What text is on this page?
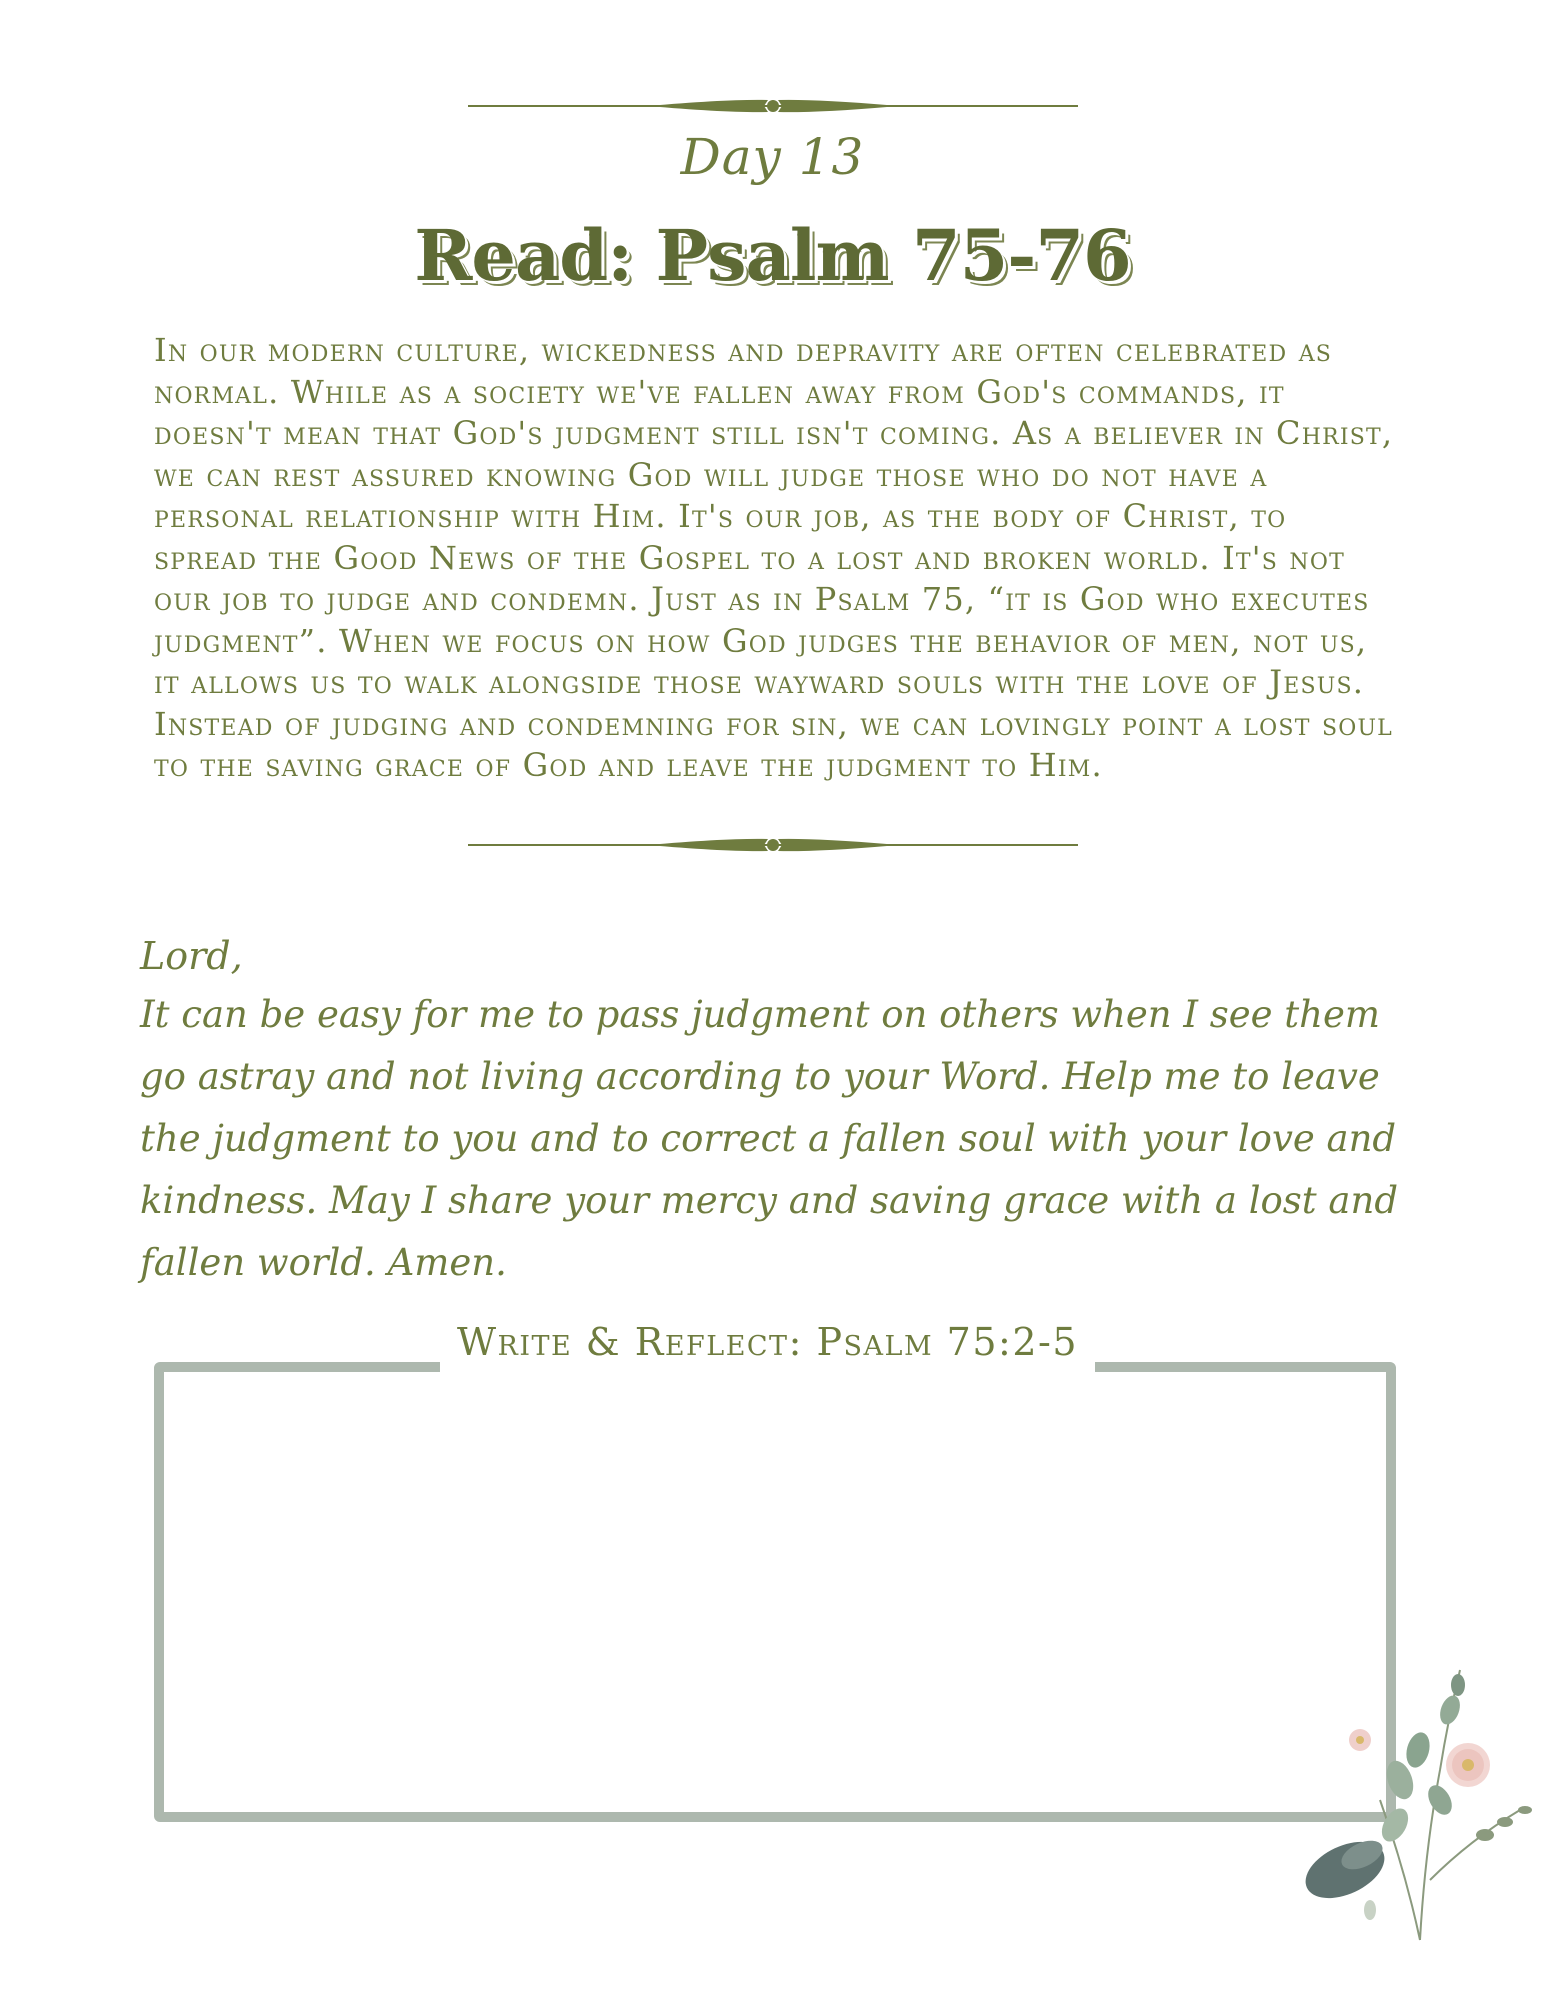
Day 13
Read: Psalm 75-76

In our modern culture, wickedness and depravity are often celebrated as normal. While as a society we've fallen away from God's commands, it doesn't mean that God's judgment still isn't coming. As a believer in Christ, we can rest assured knowing God will judge those who do not have a personal relationship with Him. It's our job, as the body of Christ, to spread the Good News of the Gospel to a lost and broken world. It's not our job to judge and condemn. Just as in Psalm 75, “it is God who executes judgment”. When we focus on how God judges the behavior of men, not us, it allows us to walk alongside those wayward souls with the love of Jesus. Instead of judging and condemning for sin, we can lovingly point a lost soul to the saving grace of God and leave the judgment to Him.

Lord,

It can be easy for me to pass judgment on others when I see them go astray and not living according to your Word. Help me to leave the judgment to you and to correct a fallen soul with your love and kindness. May I share your mercy and saving grace with a lost and fallen world. Amen.

Write & Reflect: Psalm 75:2-5
